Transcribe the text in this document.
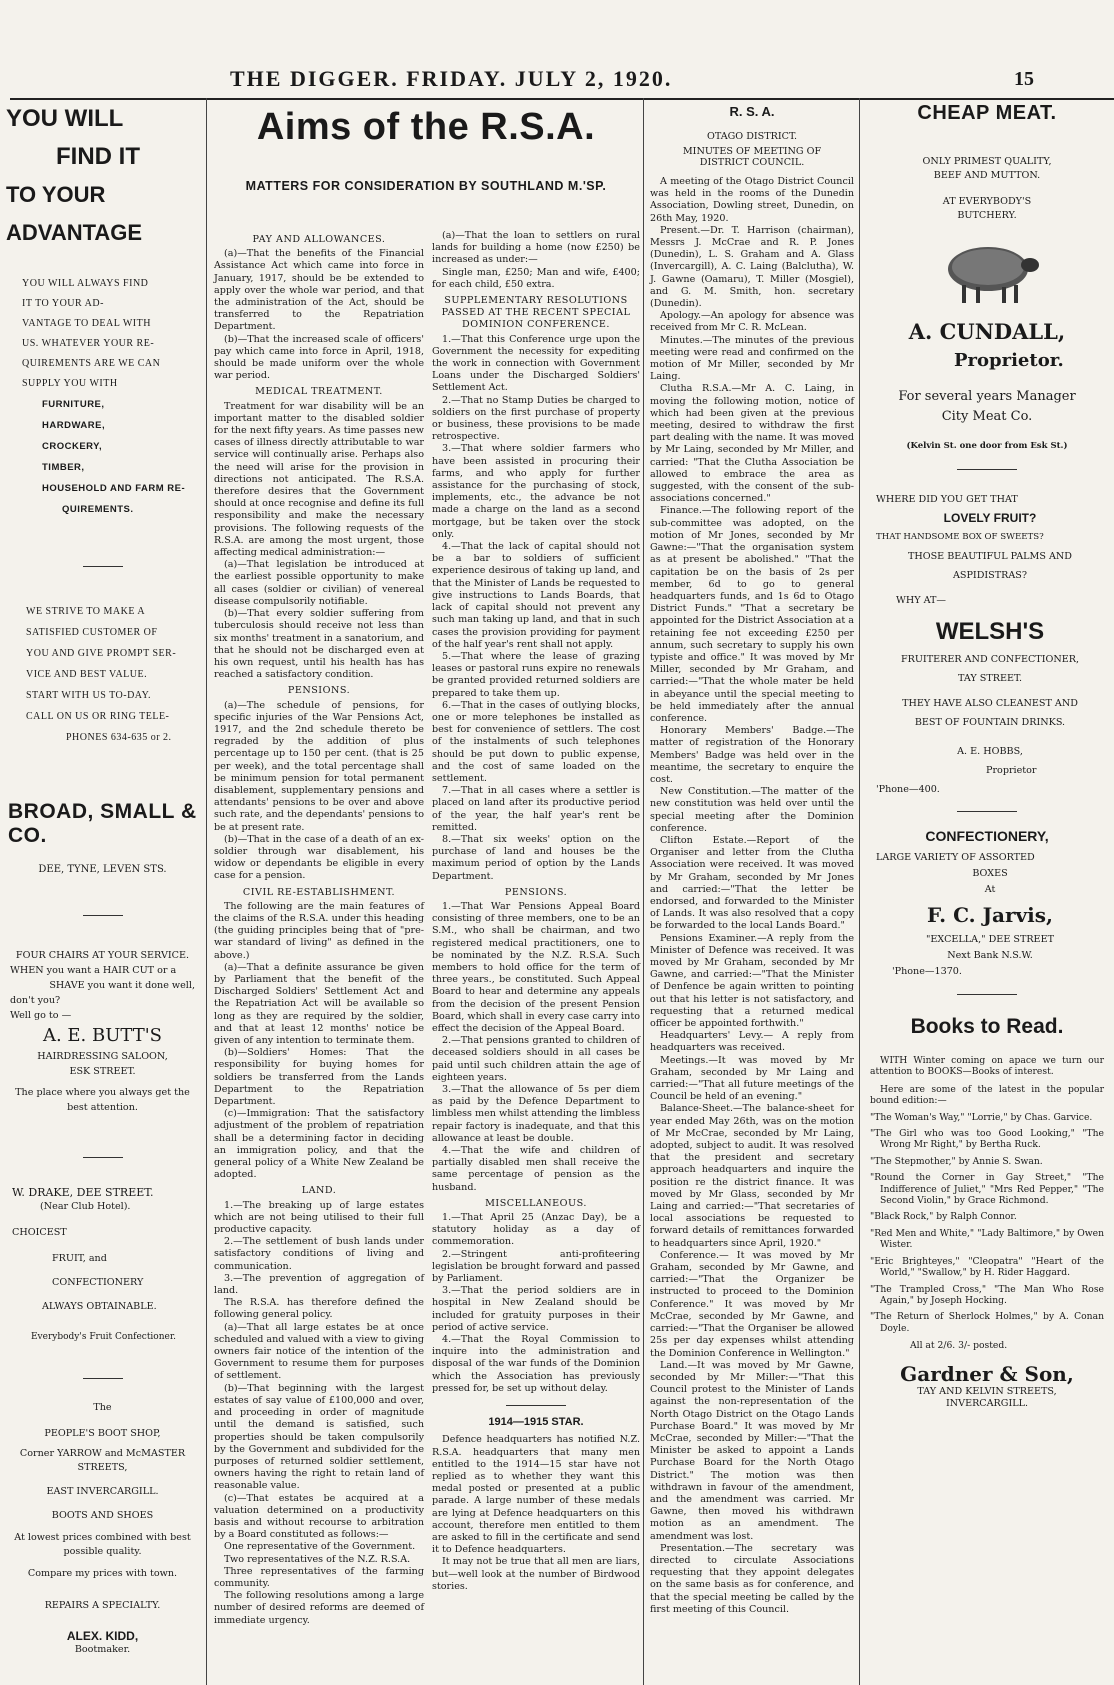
THE DIGGER. FRIDAY. JULY 2, 1920.	15
YOU WILL
FIND IT
TO YOUR ADVANTAGE
YOU WILL ALWAYS FIND
IT TO YOUR AD-
VANTAGE TO DEAL WITH
US. WHATEVER YOUR RE-
QUIREMENTS ARE WE CAN
SUPPLY YOU WITH
FURNITURE,
HARDWARE,
CROCKERY,
TIMBER,
HOUSEHOLD AND FARM RE-
QUIREMENTS.
WE STRIVE TO MAKE A
SATISFIED CUSTOMER OF
YOU AND GIVE PROMPT SER-
VICE AND BEST VALUE.
START WITH US TO-DAY.
CALL ON US OR RING TELE-
PHONES 634-635 or 2.
BROAD, SMALL & CO.
DEE, TYNE, LEVEN STS.
FOUR CHAIRS AT YOUR SERVICE.
WHEN you want a HAIR CUT or a
SHAVE you want it done well,
don't you?
Well go to —
A. E. BUTT'S
HAIRDRESSING SALOON,
ESK STREET.
The place where you always get the best attention.
W. DRAKE, DEE STREET.
(Near Club Hotel).
CHOICEST
FRUIT, and
CONFECTIONERY
ALWAYS OBTAINABLE.
Everybody's Fruit Confectioner.
The
PEOPLE'S BOOT SHOP,
Corner YARROW and McMASTER STREETS,
EAST INVERCARGILL.
BOOTS AND SHOES
At lowest prices combined with best possible quality.
Compare my prices with town.
REPAIRS A SPECIALTY.
ALEX. KIDD,
Bootmaker.
Aims of the R.S.A.
MATTERS FOR CONSIDERATION BY SOUTHLAND M.'SP.
PAY AND ALLOWANCES.

(a)—That the benefits of the Financial Assistance Act which came into force in January, 1917, should be be extended to apply over the whole war period, and that the administration of the Act, should be transferred to the Repatriation Department.

(b)—That the increased scale of officers' pay which came into force in April, 1918, should be made uniform over the whole war period.

MEDICAL TREATMENT.

Treatment for war disability will be an important matter to the disabled soldier for the next fifty years. As time passes new cases of illness directly attributable to war service will continually arise. Perhaps also the need will arise for the provision in directions not anticipated. The R.S.A. therefore desires that the Government should at once recognise and define its full responsibility and make the necessary provisions. The following requests of the R.S.A. are among the most urgent, those affecting medical administration:—

(a)—That legislation be introduced at the earliest possible opportunity to make all cases (soldier or civilian) of venereal disease compulsorily notifiable.

(b)—That every soldier suffering from tuberculosis should receive not less than six months' treatment in a sanatorium, and that he should not be discharged even at his own request, until his health has has reached a satisfactory condition.

PENSIONS.

(a)—The schedule of pensions, for specific injuries of the War Pensions Act, 1917, and the 2nd schedule thereto be regraded by the addition of plus percentage up to 150 per cent. (that is 25 per week), and the total percentage shall be minimum pension for total permanent disablement, supplementary pensions and attendants' pensions to be over and above such rate, and the dependants' pensions to be at present rate.

(b)—That in the case of a death of an ex-soldier through war disablement, his widow or dependants be eligible in every case for a pension.

CIVIL RE-ESTABLISHMENT.

The following are the main features of the claims of the R.S.A. under this heading (the guiding principles being that of "pre-war standard of living" as defined in the above.)

(a)—That a definite assurance be given by Parliament that the benefit of the Discharged Soldiers' Settlement Act and the Repatriation Act will be available so long as they are required by the soldier, and that at least 12 months' notice be given of any intention to terminate them.

(b)—Soldiers' Homes: That the responsibility for buying homes for soldiers be transferred from the Lands Department to the Repatriation Department.

(c)—Immigration: That the satisfactory adjustment of the problem of repatriation shall be a determining factor in deciding an immigration policy, and that the general policy of a White New Zealand be adopted.

LAND.

1.—The breaking up of large estates which are not being utilised to their full productive capacity.

2.—The settlement of bush lands under satisfactory conditions of living and communication.

3.—The prevention of aggregation of land.

The R.S.A. has therefore defined the following general policy.

(a)—That all large estates be at once scheduled and valued with a view to giving owners fair notice of the intention of the Government to resume them for purposes of settlement.

(b)—That beginning with the largest estates of say value of £100,000 and over, and proceeding in order of magnitude until the demand is satisfied, such properties should be taken compulsorily by the Government and subdivided for the purposes of returned soldier settlement, owners having the right to retain land of reasonable value.

(c)—That estates be acquired at a valuation determined on a productivity basis and without recourse to arbitration by a Board constituted as follows:—

One representative of the Government.

Two representatives of the N.Z. R.S.A.

Three representatives of the farming community.

The following resolutions among a large number of desired reforms are deemed of immediate urgency.

(a)—That the loan to settlers on rural lands for building a home (now £250) be increased as under:—

Single man, £250; Man and wife, £400; for each child, £50 extra.

SUPPLEMENTARY RESOLUTIONS PASSED AT THE RECENT SPECIAL DOMINION CONFERENCE.

1.—That this Conference urge upon the Government the necessity for expediting the work in connection with Government Loans under the Discharged Soldiers' Settlement Act.

2.—That no Stamp Duties be charged to soldiers on the first purchase of property or business, these provisions to be made retrospective.

3.—That where soldier farmers who have been assisted in procuring their farms, and who apply for further assistance for the purchasing of stock, implements, etc., the advance be not made a charge on the land as a second mortgage, but be taken over the stock only.

4.—That the lack of capital should not be a bar to soldiers of sufficient experience desirous of taking up land, and that the Minister of Lands be requested to give instructions to Lands Boards, that lack of capital should not prevent any such man taking up land, and that in such cases the provision providing for payment of the half year's rent shall not apply.

5.—That where the lease of grazing leases or pastoral runs expire no renewals be granted provided returned soldiers are prepared to take them up.

6.—That in the cases of outlying blocks, one or more telephones be installed as best for convenience of settlers. The cost of the instalments of such telephones should be put down to public expense, and the cost of same loaded on the settlement.

7.—That in all cases where a settler is placed on land after its productive period of the year, the half year's rent be remitted.

8.—That six weeks' option on the purchase of land and houses be the maximum period of option by the Lands Department.

PENSIONS.

1.—That War Pensions Appeal Board consisting of three members, one to be an S.M., who shall be chairman, and two registered medical practitioners, one to be nominated by the N.Z. R.S.A. Such members to hold office for the term of three years., be constituted. Such Appeal Board to hear and determine any appeals from the decision of the present Pension Board, which shall in every case carry into effect the decision of the Appeal Board.

2.—That pensions granted to children of deceased soldiers should in all cases be paid until such children attain the age of eighteen years.

3.—That the allowance of 5s per diem as paid by the Defence Department to limbless men whilst attending the limbless repair factory is inadequate, and that this allowance at least be double.

4.—That the wife and children of partially disabled men shall receive the same percentage of pension as the husband.

MISCELLANEOUS.

1.—That April 25 (Anzac Day), be a statutory holiday as a day of commemoration.

2.—Stringent anti-profiteering legislation be brought forward and passed by Parliament.

3.—That the period soldiers are in hospital in New Zealand should be included for gratuity purposes in their period of active service.

4.—That the Royal Commission to inquire into the administration and disposal of the war funds of the Dominion which the Association has previously pressed for, be set up without delay.

1914—1915 STAR.

Defence headquarters has notified N.Z. R.S.A. headquarters that many men entitled to the 1914—15 star have not replied as to whether they want this medal posted or presented at a public parade. A large number of these medals are lying at Defence headquarters on this account, therefore men entitled to them are asked to fill in the certificate and send it to Defence headquarters.

It may not be true that all men are liars, but—well look at the number of Birdwood stories.

R. S. A.
OTAGO DISTRICT.
MINUTES OF MEETING OF DISTRICT COUNCIL.

A meeting of the Otago District Council was held in the rooms of the Dunedin Association, Dowling street, Dunedin, on 26th May, 1920.

Present.—Dr. T. Harrison (chairman), Messrs J. McCrae and R. P. Jones (Dunedin), L. S. Graham and A. Glass (Invercargill), A. C. Laing (Balclutha), W. J. Gawne (Oamaru), T. Miller (Mosgiel), and G. M. Smith, hon. secretary (Dunedin).

Apology.—An apology for absence was received from Mr C. R. McLean.

Minutes.—The minutes of the previous meeting were read and confirmed on the motion of Mr Miller, seconded by Mr Laing.

Clutha R.S.A.—Mr A. C. Laing, in moving the following motion, notice of which had been given at the previous meeting, desired to withdraw the first part dealing with the name. It was moved by Mr Laing, seconded by Mr Miller, and carried: "That the Clutha Association be allowed to embrace the area as suggested, with the consent of the sub-associations concerned."

Finance.—The following report of the sub-committee was adopted, on the motion of Mr Jones, seconded by Mr Gawne:—"That the organisation system as at present be abolished." "That the capitation be on the basis of 2s per member, 6d to go to general headquarters funds, and 1s 6d to Otago District Funds." "That a secretary be appointed for the District Association at a retaining fee not exceeding £250 per annum, such secretary to supply his own typiste and office." It was moved by Mr Miller, seconded by Mr Graham, and carried:—"That the whole mater be held in abeyance until the special meeting to be held immediately after the annual conference.

Honorary Members' Badge.—The matter of registration of the Honorary Members' Badge was held over in the meantime, the secretary to enquire the cost.

New Constitution.—The matter of the new constitution was held over until the special meeting after the Dominion conference.

Clifton Estate.—Report of the Organiser and letter from the Clutha Association were received. It was moved by Mr Graham, seconded by Mr Jones and carried:—"That the letter be endorsed, and forwarded to the Minister of Lands. It was also resolved that a copy be forwarded to the local Lands Board."

Pensions Examiner.—A reply from the Minister of Defence was received. It was moved by Mr Graham, seconded by Mr Gawne, and carried:—"That the Minister of Denfence be again written to pointing out that his letter is not satisfactory, and requesting that a returned medical officer be appointed forthwith."

Headquarters' Levy.— A reply from headquarters was received.

Meetings.—It was moved by Mr Graham, seconded by Mr Laing and carried:—"That all future meetings of the Council be held of an evening."

Balance-Sheet.—The balance-sheet for year ended May 26th, was on the motion of Mr McCrae, seconded by Mr Laing, adopted, subject to audit. It was resolved that the president and secretary approach headquarters and inquire the position re the district finance. It was moved by Mr Glass, seconded by Mr Laing and carried:—"That secretaries of local associations be requested to forward details of remittances forwarded to headquarters since April, 1920."

Conference.— It was moved by Mr Graham, seconded by Mr Gawne, and carried:—"That the Organizer be instructed to proceed to the Dominion Conference." It was moved by Mr McCrae, seconded by Mr Gawne, and carried:—"That the Organiser be allowed 25s per day expenses whilst attending the Dominion Conference in Wellington."

Land.—It was moved by Mr Gawne, seconded by Mr Miller:—"That this Council protest to the Minister of Lands against the non-representation of the North Otago District on the Otago Lands Purchase Board." It was moved by Mr McCrae, seconded by Miller:—"That the Minister be asked to appoint a Lands Purchase Board for the North Otago District." The motion was then withdrawn in favour of the amendment, and the amendment was carried. Mr Gawne, then moved his withdrawn motion as an amendment. The amendment was lost.

Presentation.—The secretary was directed to circulate Associations requesting that they appoint delegates on the same basis as for conference, and that the special meeting be called by the first meeting of this Council.

CHEAP MEAT.
ONLY PRIMEST QUALITY,
BEEF AND MUTTON.
AT EVERYBODY'S
BUTCHERY.
A. CUNDALL,
Proprietor.
For several years Manager
City Meat Co.
(Kelvin St. one door from Esk St.)
WHERE DID YOU GET THAT
LOVELY FRUIT?
THAT HANDSOME BOX OF SWEETS?
THOSE BEAUTIFUL PALMS AND
ASPIDISTRAS?
WHY AT—
WELSH'S
FRUITERER AND CONFECTIONER,
TAY STREET.
THEY HAVE ALSO CLEANEST AND
BEST OF FOUNTAIN DRINKS.
A. E. HOBBS,
Proprietor
'Phone—400.
CONFECTIONERY,
LARGE VARIETY OF ASSORTED
BOXES
At
F. C. Jarvis,
"EXCELLA," DEE STREET
Next Bank N.S.W.
'Phone—1370.
Books to Read.

WITH Winter coming on apace we turn our attention to BOOKS—Books of interest.

Here are some of the latest in the popular bound edition:—

"The Woman's Way," "Lorrie," by Chas. Garvice.
"The Girl who was too Good Looking," "The Wrong Mr Right," by Bertha Ruck.
"The Stepmother," by Annie S. Swan.
"Round the Corner in Gay Street," "The Indifference of Juliet," "Mrs Red Pepper," "The Second Violin," by Grace Richmond.
"Black Rock," by Ralph Connor.
"Red Men and White," "Lady Baltimore," by Owen Wister.
"Eric Brighteyes," "Cleopatra" "Heart of the World," "Swallow," by H. Rider Haggard.
"The Trampled Cross," "The Man Who Rose Again," by Joseph Hocking.
"The Return of Sherlock Holmes," by A. Conan Doyle.
All at 2/6. 3/- posted.
Gardner & Son,
TAY AND KELVIN STREETS,
INVERCARGILL.
